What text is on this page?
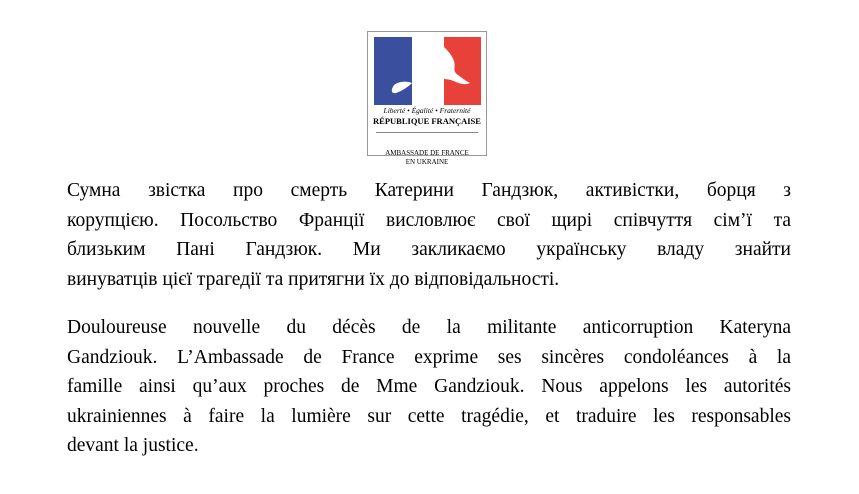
Liberté • Égalité • Fraternité
RÉPUBLIQUE FRANÇAISE
AMBASSADE DE FRANCE
EN UKRAINE

Сумна звістка про смерть Катерини Гандзюк, активістки, борця з
корупцією. Посольство Франції висловлює свої щирі співчуття сім’ї та
близьким Пані Гандзюк. Ми закликаємо українську владу знайти
винуватців цієї трагедії та притягни їх до відповідальності.

Douloureuse nouvelle du décès de la militante anticorruption Kateryna
Gandziouk. L’Ambassade de France exprime ses sincères condoléances à la
famille ainsi qu’aux proches de Mme Gandziouk. Nous appelons les autorités
ukrainiennes à faire la lumière sur cette tragédie, et traduire les responsables
devant la justice.
